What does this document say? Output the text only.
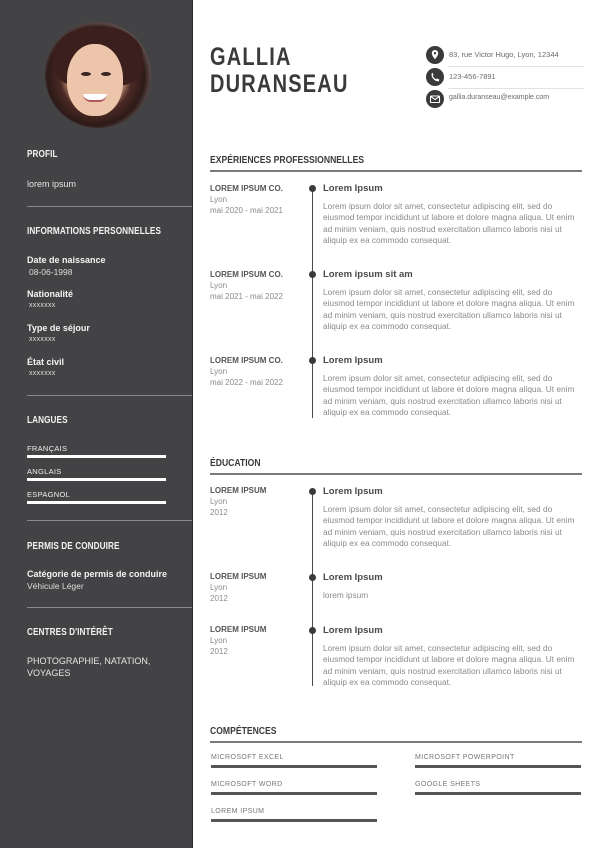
PROFIL
lorem ipsum
INFORMATIONS PERSONNELLES
Date de naissance
08-06-1998
Nationalité
xxxxxxx
Type de séjour
xxxxxxx
État civil
xxxxxxx
LANGUES
FRANÇAIS
ANGLAIS
ESPAGNOL
PERMIS DE CONDUIRE
Catégorie de permis de conduire
Véhicule Léger
CENTRES D'INTÉRÊT
PHOTOGRAPHIE, NATATION,
VOYAGES
GALLIA
DURANSEAU
83, rue Victor Hugo, Lyon, 12344
123-456-7891
gallia.duranseau@example.com
EXPÉRIENCES PROFESSIONNELLES
LOREM IPSUM CO.
Lyon
mai 2020 - mai 2021
Lorem Ipsum
Lorem ipsum dolor sit amet, consectetur adipiscing elit, sed do eiusmod tempor incididunt ut labore et dolore magna aliqua. Ut enim ad minim veniam, quis nostrud exercitation ullamco laboris nisi ut aliquip ex ea commodo consequat.
LOREM IPSUM CO.
Lyon
mai 2021 - mai 2022
Lorem ipsum sit am
Lorem ipsum dolor sit amet, consectetur adipiscing elit, sed do eiusmod tempor incididunt ut labore et dolore magna aliqua. Ut enim ad minim veniam, quis nostrud exercitation ullamco laboris nisi ut aliquip ex ea commodo consequat.
LOREM IPSUM CO.
Lyon
mai 2022 - mai 2022
Lorem Ipsum
Lorem ipsum dolor sit amet, consectetur adipiscing elit, sed do eiusmod tempor incididunt ut labore et dolore magna aliqua. Ut enim ad minim veniam, quis nostrud exercitation ullamco laboris nisi ut aliquip ex ea commodo consequat.
ÉDUCATION
LOREM IPSUM
Lyon
2012
Lorem Ipsum
Lorem ipsum dolor sit amet, consectetur adipiscing elit, sed do eiusmod tempor incididunt ut labore et dolore magna aliqua. Ut enim ad minim veniam, quis nostrud exercitation ullamco laboris nisi ut aliquip ex ea commodo consequat.
LOREM IPSUM
Lyon
2012
Lorem Ipsum
lorem ipsum
LOREM IPSUM
Lyon
2012
Lorem Ipsum
Lorem ipsum dolor sit amet, consectetur adipiscing elit, sed do eiusmod tempor incididunt ut labore et dolore magna aliqua. Ut enim ad minim veniam, quis nostrud exercitation ullamco laboris nisi ut aliquip ex ea commodo consequat.
COMPÉTENCES
MICROSOFT EXCEL	MICROSOFT POWERPOINT
MICROSOFT WORD	GOOGLE SHEETS
LOREM IPSUM
